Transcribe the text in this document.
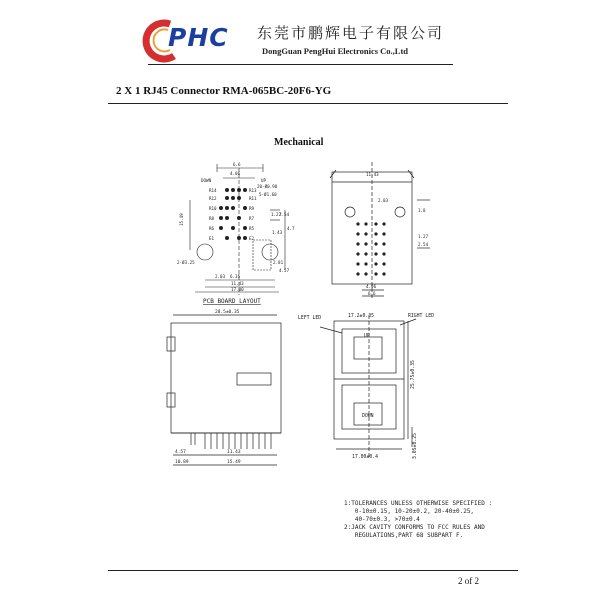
PHC 东莞市鹏辉电子有限公司
DongGuan PengHui Electronics Co.,Ltd
2 X 1 RJ45 Connector RMA-065BC-20F6-YG
Mechanical
6.6
4.06
20-Ø0.90
5-Ø1.60
15.49	1.27
2.54
1.43
4.7
2-Ø3.25
2.03
2.81
4.57
6.35
11.43
17.00
DOWN	UP
R14
R12
R10
R8
R6
E1
R13
R11
R9
R7
R5
E2
PCB BOARD LAYOUT
11.43
2.03
1.8
1.27
2.54
4.06
6.6
28.5±0.35
4.57	11.43
10.89	15.49
LEFT LED	RIGHT LED
UP
DOWN
17.2±0.35
25.75±0.35
17.00±0.4	3.05±0.25
1:TOLERANCES UNLESS OTHERWISE SPECIFIED :
0-10±0.15, 10-20±0.2, 20-40±0.25,
40-70±0.3, >70±0.4
2:JACK CAVITY CONFORMS TO FCC RULES AND
REGULATIONS,PART 68 SUBPART F.
2 of 2
